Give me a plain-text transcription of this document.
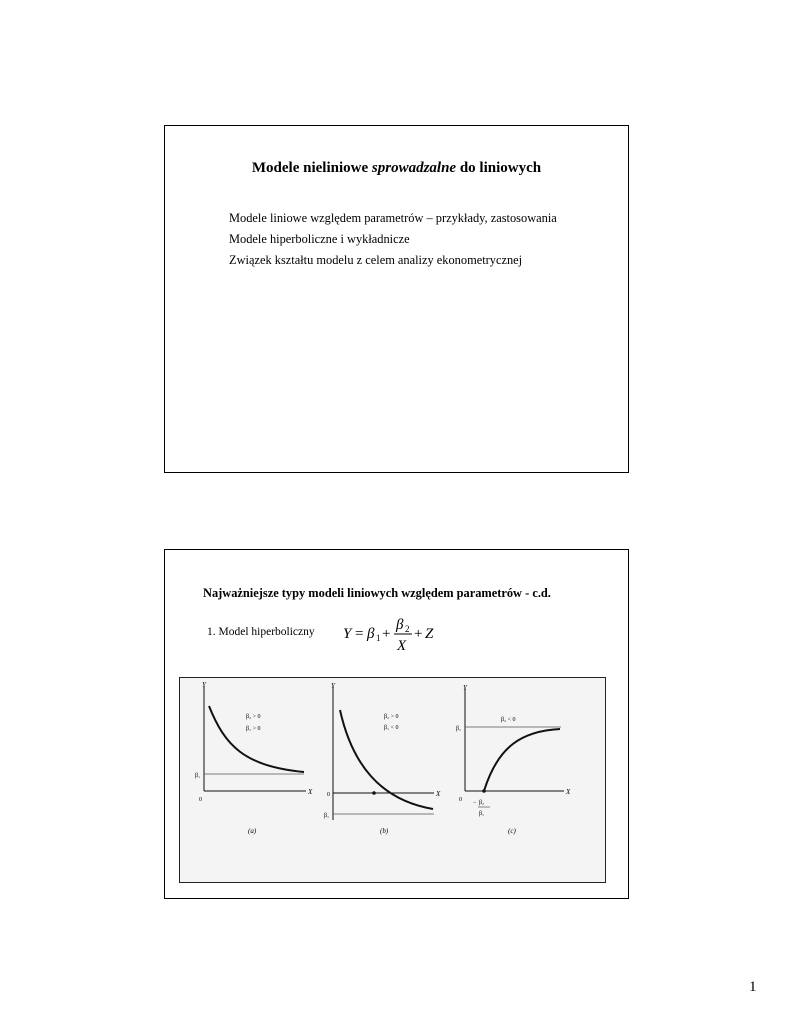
Modele nieliniowe sprowadzalne do liniowych
Modele liniowe względem parametrów – przykłady, zastosowania
Modele hiperboliczne i wykładnicze
Związek kształtu modelu z celem analizy ekonometrycznej
Najważniejsze typy modeli liniowych względem parametrów - c.d.
1. Model hiperboliczny Y = β 1 +
β 2
X
+ Z
Y
X
0
β₁
β₂ > 0
β₁ > 0
(a)
Y
X
0
β₁
β₂ > 0
β₁ < 0
(b)
Y
X
0
β₁
β₂ < 0
− β₂
β₁
(c)
1
